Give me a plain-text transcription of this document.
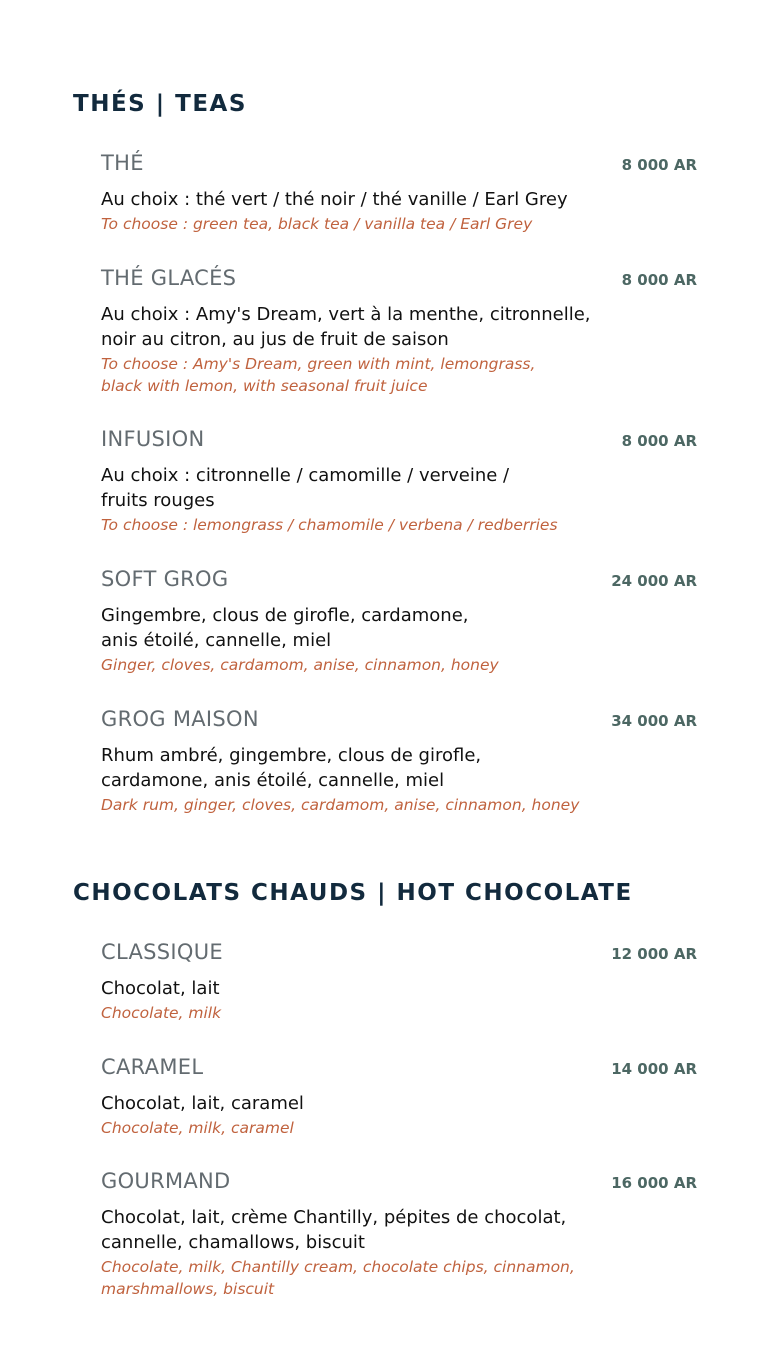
THÉS | TEAS
THÉ	8 000 AR
Au choix : thé vert / thé noir / thé vanille / Earl Grey
To choose : green tea, black tea / vanilla tea / Earl Grey
THÉ GLACÉS	8 000 AR
Au choix : Amy's Dream, vert à la menthe, citronnelle,
noir au citron, au jus de fruit de saison
To choose : Amy's Dream, green with mint, lemongrass,
black with lemon, with seasonal fruit juice
INFUSION	8 000 AR
Au choix : citronnelle / camomille / verveine /
fruits rouges
To choose : lemongrass / chamomile / verbena / redberries
SOFT GROG	24 000 AR
Gingembre, clous de girofle, cardamone,
anis étoilé, cannelle, miel
Ginger, cloves, cardamom, anise, cinnamon, honey
GROG MAISON	34 000 AR
Rhum ambré, gingembre, clous de girofle,
cardamone, anis étoilé, cannelle, miel
Dark rum, ginger, cloves, cardamom, anise, cinnamon, honey
CHOCOLATS CHAUDS | HOT CHOCOLATE
CLASSIQUE	12 000 AR
Chocolat, lait
Chocolate, milk
CARAMEL	14 000 AR
Chocolat, lait, caramel
Chocolate, milk, caramel
GOURMAND	16 000 AR
Chocolat, lait, crème Chantilly, pépites de chocolat,
cannelle, chamallows, biscuit
Chocolate, milk, Chantilly cream, chocolate chips, cinnamon,
marshmallows, biscuit
